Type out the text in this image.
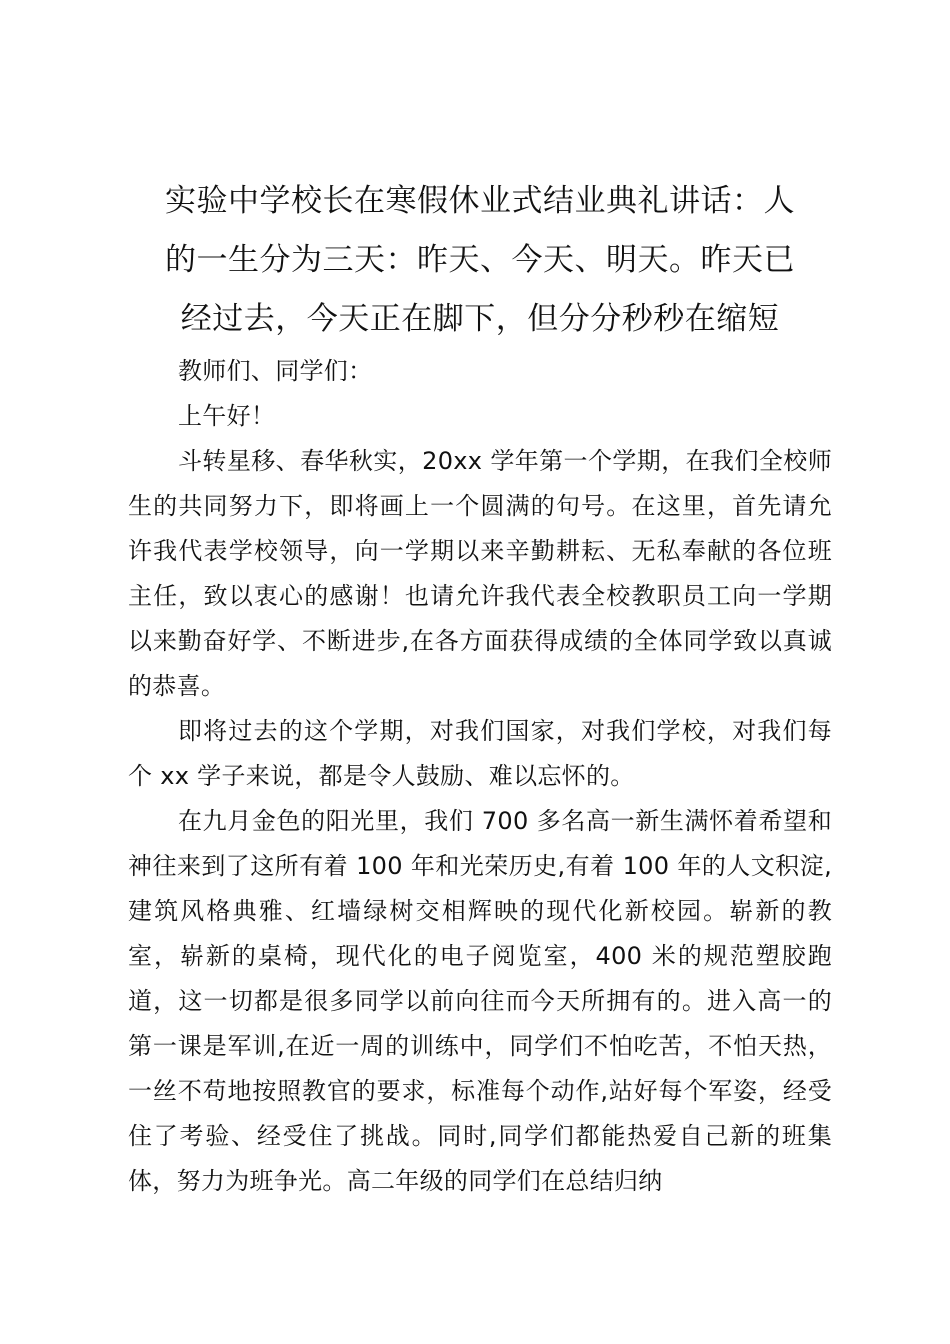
实验中学校长在寒假休业式结业典礼讲话：人
的一生分为三天：昨天、今天、明天。昨天已
经过去，今天正在脚下，但分分秒秒在缩短

教师们、同学们：

上午好！

斗转星移、春华秋实，20xx 学年第一个学期，在我们全校师生的共同努力下，即将画上一个圆满的句号。在这里，首先请允许我代表学校领导，向一学期以来辛勤耕耘、无私奉献的各位班主任，致以衷心的感谢！也请允许我代表全校教职员工向一学期以来勤奋好学、不断进步,在各方面获得成绩的全体同学致以真诚的恭喜。

即将过去的这个学期，对我们国家，对我们学校，对我们每个 xx 学子来说，都是令人鼓励、难以忘怀的。

在九月金色的阳光里，我们 700 多名高一新生满怀着希望和神往来到了这所有着 100 年和光荣历史,有着 100 年的人文积淀,建筑风格典雅、红墙绿树交相辉映的现代化新校园。崭新的教室，崭新的桌椅，现代化的电子阅览室，400 米的规范塑胶跑道，这一切都是很多同学以前向往而今天所拥有的。进入高一的第一课是军训,在近一周的训练中，同学们不怕吃苦，不怕天热，一丝不苟地按照教官的要求，标准每个动作,站好每个军姿，经受住了考验、经受住了挑战。同时,同学们都能热爱自己新的班集体，努力为班争光。高二年级的同学们在总结归纳
